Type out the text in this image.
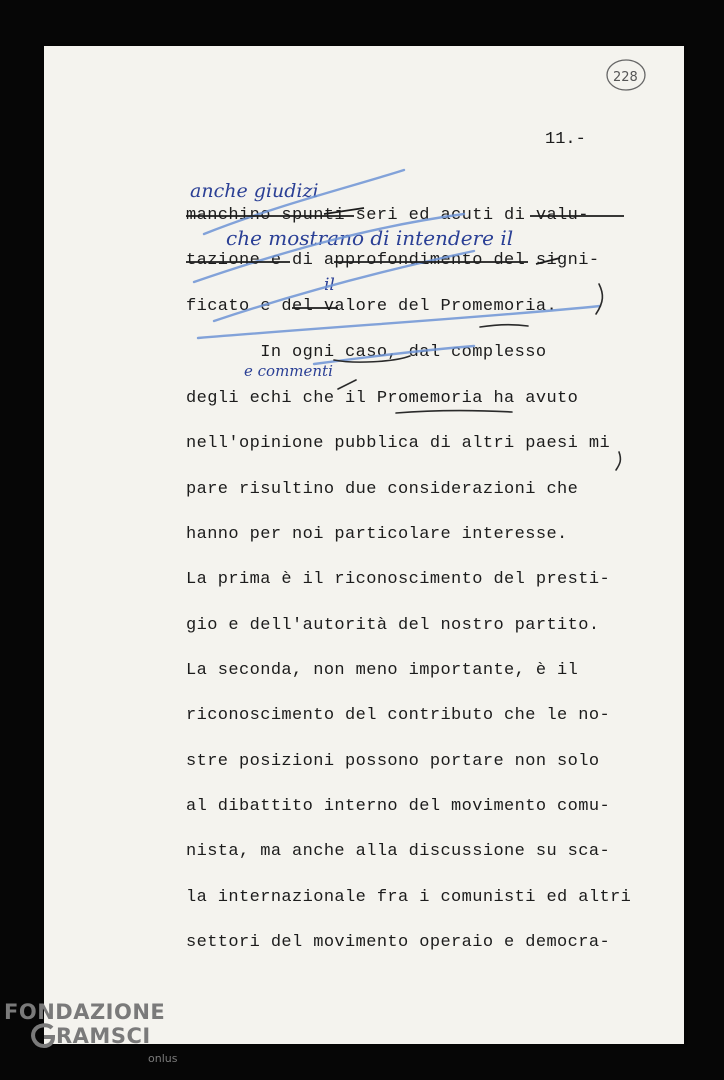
228
11.-
manchino spunti seri ed acuti di valu-
tazione e di approfondimento del signi-
ficato e del valore del Promemoria.
In ogni caso, dal complesso
degli echi che il Promemoria ha avuto
nell'opinione pubblica di altri paesi mi
pare risultino due considerazioni che
hanno per noi particolare interesse.
La prima è il riconoscimento del presti-
gio e dell'autorità del nostro partito.
La seconda, non meno importante, è il
riconoscimento del contributo che le no-
stre posizioni possono portare non solo
al dibattito interno del movimento comu-
nista, ma anche alla discussione su sca-
la internazionale fra i comunisti ed altri
settori del movimento operaio e democra-
anche giudizi
che mostrano di intendere il
il
e commenti
FONDAZIONE
RAMSCI
onlus
